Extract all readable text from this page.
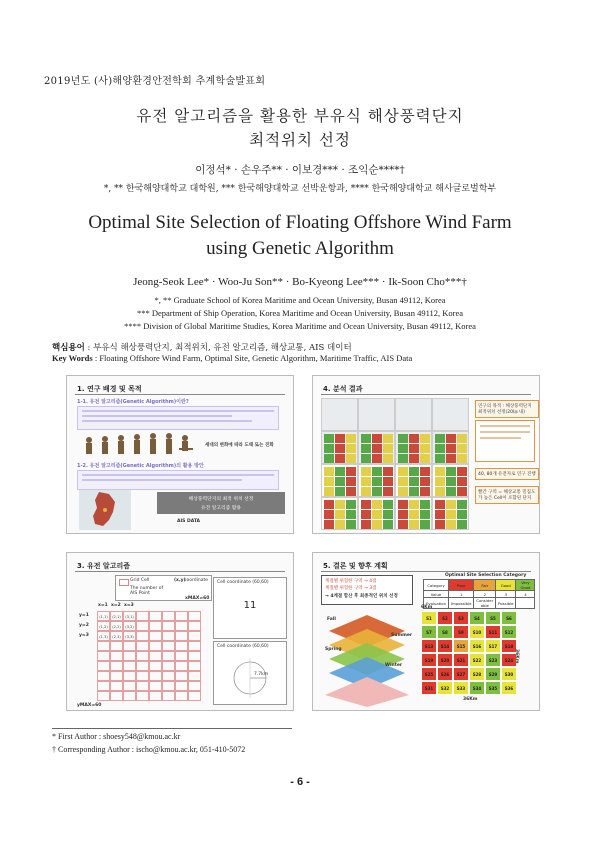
2019년도 (사)해양환경안전학회 추계학술발표회
유전 알고리즘을 활용한 부유식 해상풍력단지
최적위치 선정
이정석* · 손우주** · 이보경*** · 조익순****†
*, ** 한국해양대학교 대학원, *** 한국해양대학교 선박운항과, **** 한국해양대학교 해사글로벌학부
Optimal Site Selection of Floating Offshore Wind Farm
using Genetic Algorithm
Jeong-Seok Lee* · Woo-Ju Son** · Bo-Kyeong Lee*** · Ik-Soon Cho***†
*, ** Graduate School of Korea Maritime and Ocean University, Busan 49112, Korea
*** Department of Ship Operation, Korea Maritime and Ocean University, Busan 49112, Korea
**** Division of Global Maritime Studies, Korea Maritime and Ocean University, Busan 49112, Korea
핵심용어 : 부유식 해상풍력단지, 최적위치, 유전 알고리즘, 해상교통, AIS 데이터
Key Words : Floating Offshore Wind Farm, Optimal Site, Genetic Algorithm, Maritime Traffic, AIS Data
1. 연구 배경 및 목적
1-1. 유전 알고리즘(Genetic Algorithm)이란?
세대의 변화에 따라 도태 또는 진화
1-2. 유전 알고리즘(Genetic Algorithm)의 활용 방안
해상풍력단지의 최적 위치 선정
유전 알고리즘 활용
AIS DATA
4. 분석 결과
연구의 목적 : 해상풍력단지 최적위치 선정(20㎞ 내)
40, 80개 유전자로 연구 진행
빨간 구역 = 해상교통 밀집도가 높은 Cell이 포함된 단지
3. 유전 알고리즘
Grid Cell
The number of AIS Point
(x,y)
coordinate
x=1
y=1
x=2
y=2
x=3
y=3
(1,1)	(2,1)	(3,1)
(1,2)	(2,2)	(3,2)
(1,3)	(2,3)	(3,3)
xMAX=60
yMAX=60
Cell coordinate (60,60)
11
Cell coordinate (60,60)
7.7km
5. 결론 및 향후 계획
계절별 위험한 구역 → 4점
계절별 위험한 구역 → 3점
→ 4계절 합산 후 최종적인 위치 선정
Fall
Summer
Spring
Winter
Optimal Site Selection Category
Category	Poor	Fair	Good	Very Good
Value	1	2	3	4
Evaluation	Impossible	Consider able	Possible	
6Km
S1	S2	S3	S4	S5	S6
S7	S8	S9	S10	S11	S12
S13	S14	S15	S16	S17	S18
S19	S20	S21	S22	S23	S24
S25	S26	S27	S28	S29	S30
S31	S32	S33	S34	S35	S36
36Km
36Km
* First Author : shoesy548@kmou.ac.kr
† Corresponding Author : ischo@kmou.ac.kr, 051-410-5072
- 6 -
